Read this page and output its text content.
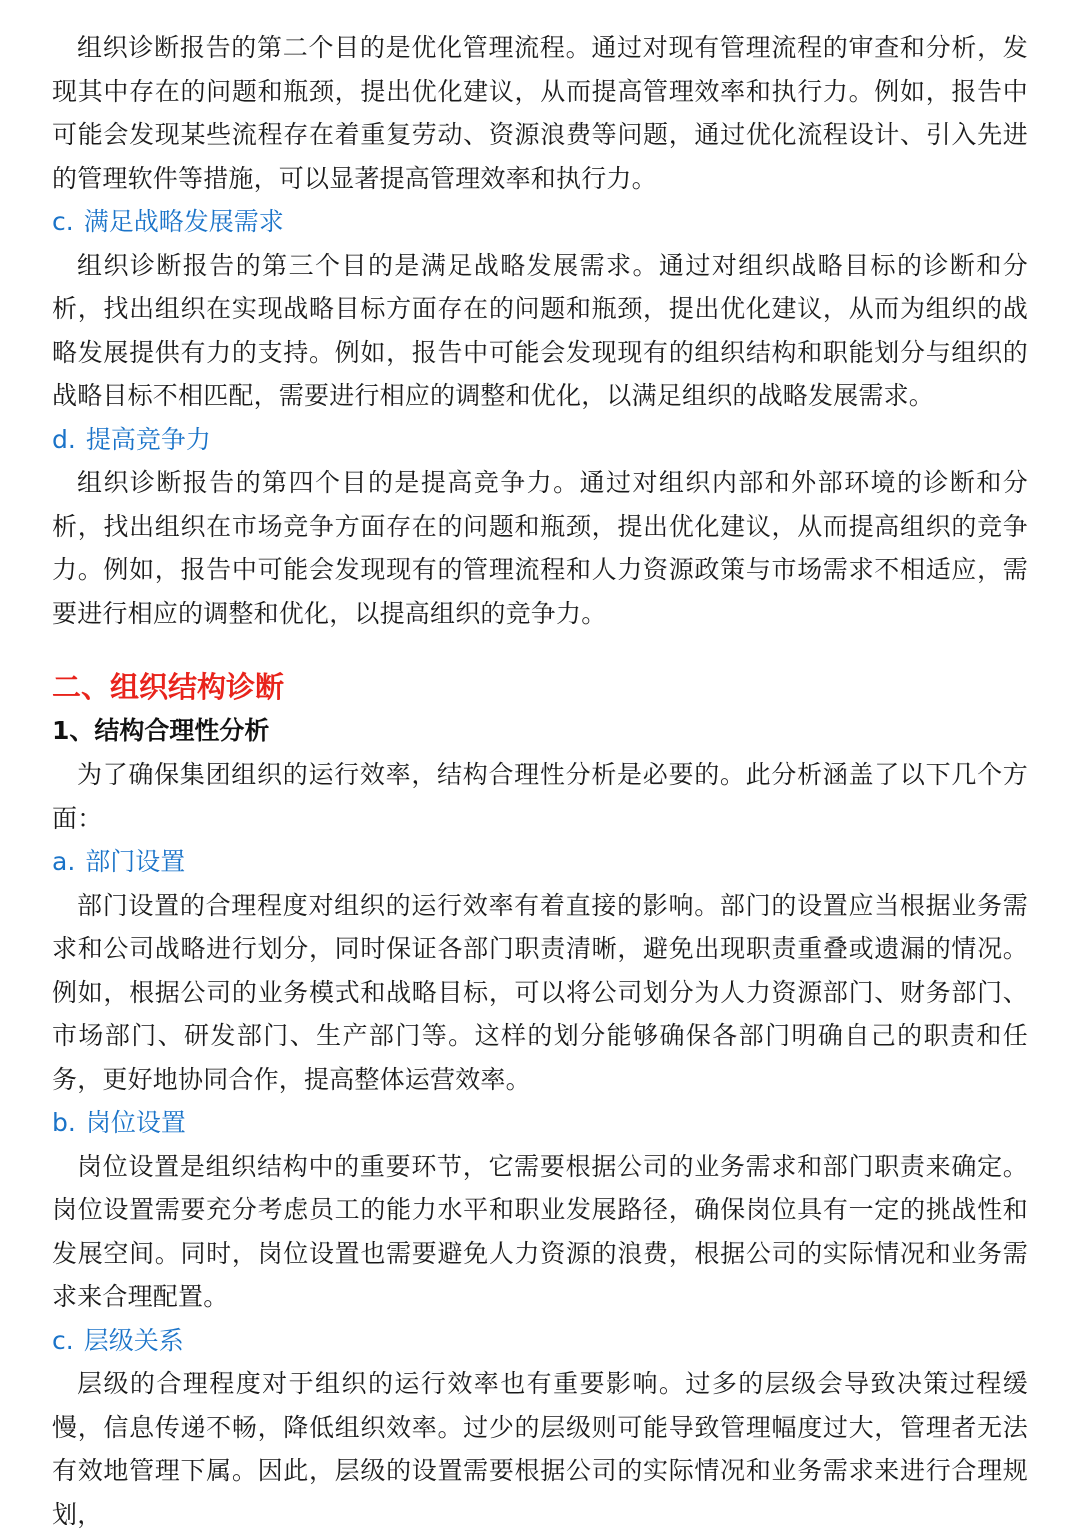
组织诊断报告的第二个目的是优化管理流程。通过对现有管理流程的审查和分析，发现其中存在的问题和瓶颈，提出优化建议，从而提高管理效率和执行力。例如，报告中可能会发现某些流程存在着重复劳动、资源浪费等问题，通过优化流程设计、引入先进的管理软件等措施，可以显著提高管理效率和执行力。

c. 满足战略发展需求

组织诊断报告的第三个目的是满足战略发展需求。通过对组织战略目标的诊断和分析，找出组织在实现战略目标方面存在的问题和瓶颈，提出优化建议，从而为组织的战略发展提供有力的支持。例如，报告中可能会发现现有的组织结构和职能划分与组织的战略目标不相匹配，需要进行相应的调整和优化，以满足组织的战略发展需求。

d. 提高竞争力

组织诊断报告的第四个目的是提高竞争力。通过对组织内部和外部环境的诊断和分析，找出组织在市场竞争方面存在的问题和瓶颈，提出优化建议，从而提高组织的竞争力。例如，报告中可能会发现现有的管理流程和人力资源政策与市场需求不相适应，需要进行相应的调整和优化，以提高组织的竞争力。

二、组织结构诊断
1、结构合理性分析

为了确保集团组织的运行效率，结构合理性分析是必要的。此分析涵盖了以下几个方面：

a. 部门设置

部门设置的合理程度对组织的运行效率有着直接的影响。部门的设置应当根据业务需求和公司战略进行划分，同时保证各部门职责清晰，避免出现职责重叠或遗漏的情况。例如，根据公司的业务模式和战略目标，可以将公司划分为人力资源部门、财务部门、市场部门、研发部门、生产部门等。这样的划分能够确保各部门明确自己的职责和任务，更好地协同合作，提高整体运营效率。

b. 岗位设置

岗位设置是组织结构中的重要环节，它需要根据公司的业务需求和部门职责来确定。岗位设置需要充分考虑员工的能力水平和职业发展路径，确保岗位具有一定的挑战性和发展空间。同时，岗位设置也需要避免人力资源的浪费，根据公司的实际情况和业务需求来合理配置。

c. 层级关系

层级的合理程度对于组织的运行效率也有重要影响。过多的层级会导致决策过程缓慢，信息传递不畅，降低组织效率。过少的层级则可能导致管理幅度过大，管理者无法有效地管理下属。因此，层级的设置需要根据公司的实际情况和业务需求来进行合理规划，
